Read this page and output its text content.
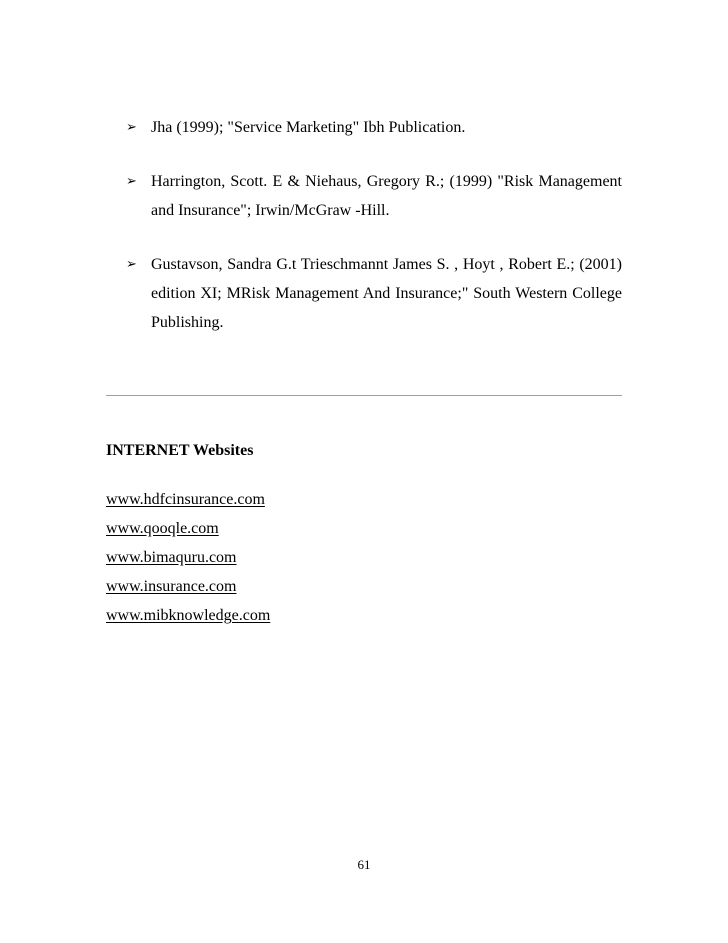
➢ Jha (1999); "Service Marketing" Ibh Publication.
➢ Harrington, Scott. E & Niehaus, Gregory R.; (1999) "Risk Management and Insurance"; Irwin/McGraw -Hill.
➢ Gustavson, Sandra G.t Trieschmannt James S. , Hoyt , Robert E.; (2001) edition XI; MRisk Management And Insurance;" South Western College Publishing.
INTERNET Websites
www.hdfcinsurance.com
www.qooqle.com
www.bimaquru.com
www.insurance.com
www.mibknowledge.com
61
